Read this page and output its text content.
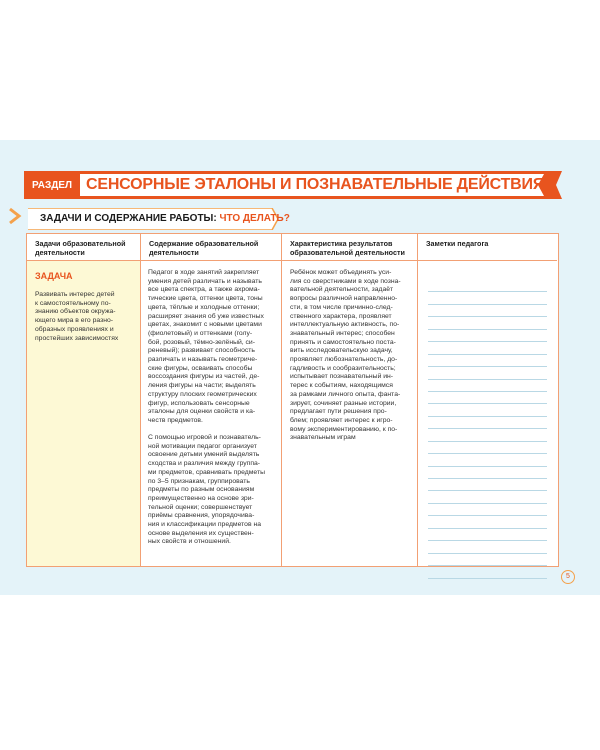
РАЗДЕЛ СЕНСОРНЫЕ ЭТАЛОНЫ И ПОЗНАВАТЕЛЬНЫЕ ДЕЙСТВИЯ
ЗАДАЧИ И СОДЕРЖАНИЕ РАБОТЫ: ЧТО ДЕЛАТЬ?
Задачи образовательной деятельности
ЗАДАЧА
Развивать интерес детей
к самостоятельному по-
знанию объектов окружа-
ющего мира в его разно-
образных проявлениях и
простейших зависимостях
Содержание образовательной деятельности
Педагог в ходе занятий закрепляет
умения детей различать и называть
все цвета спектра, а также ахрома-
тические цвета, оттенки цвета, тоны
цвета, тёплые и холодные оттенки;
расширяет знания об уже известных
цветах, знакомит с новыми цветами
(фиолетовый) и оттенками (голу-
бой, розовый, тёмно-зелёный, си-
реневый); развивает способность
различать и называть геометриче-
ские фигуры, осваивать способы
воссоздания фигуры из частей, де-
ления фигуры на части; выделять
структуру плоских геометрических
фигур, использовать сенсорные
эталоны для оценки свойств и ка-
честв предметов.
С помощью игровой и познаватель-
ной мотивации педагог организует
освоение детьми умений выделять
сходства и различия между группа-
ми предметов, сравнивать предметы
по 3–5 признакам, группировать
предметы по разным основаниям
преимущественно на основе зри-
тельной оценки; совершенствует
приёмы сравнения, упорядочива-
ния и классификации предметов на
основе выделения их существен-
ных свойств и отношений.
Характеристика результатов образовательной деятельности
Ребёнок может объединять уси-
лия со сверстниками в ходе позна-
вательной деятельности, задаёт
вопросы различной направленно-
сти, в том числе причинно-след-
ственного характера, проявляет
интеллектуальную активность, по-
знавательный интерес; способен
принять и самостоятельно поста-
вить исследовательскую задачу,
проявляет любознательность, до-
гадливость и сообразительность;
испытывает познавательный ин-
терес к событиям, находящимся
за рамками личного опыта, фанта-
зирует, сочиняет разные истории,
предлагает пути решения про-
блем; проявляет интерес к игро-
вому экспериментированию, к по-
знавательным играм
Заметки педагога
5
